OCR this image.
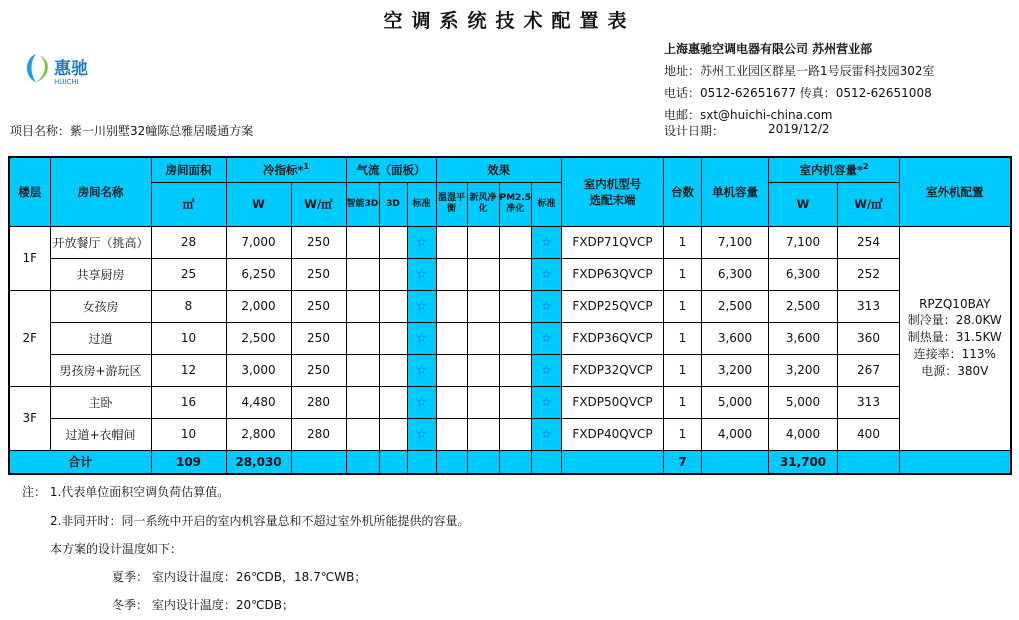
空调系统技术配置表
惠驰
HUICHI
上海惠驰空调电器有限公司 苏州营业部
地址：苏州工业园区群星一路1号辰雷科技园302室
电话：0512-62651677 传真：0512-62651008
电邮：sxt@huichi-china.com
设计日期：	2019/12/2
项目名称：紫一川别墅32幢陈总雅居暖通方案
楼层	房间名称	房间面积	冷指标*$^1$		气流（面板）			效果				室内机型号
选配末端	台数	单机容量	室内机容量*$^2$		室外机配置
		㎡	W	W/㎡	智能3D	3D	标准	温湿平衡	新风净化	PM2.5净化	标准				W	W/㎡	
1F	开放餐厅（挑高）	28	7,000	250			☆				☆	FXDP71QVCP	1	7,100	7,100	254	RPZQ10BAY
制冷量：28.0KW
制热量：31.5KW
连接率：113%
电源：380V

	共享厨房	25	6,250	250			☆				☆	FXDP63QVCP	1	6,300	6,300	252	
2F	女孩房	8	2,000	250			☆				☆	FXDP25QVCP	1	2,500	2,500	313	
	过道	10	2,500	250			☆				☆	FXDP36QVCP	1	3,600	3,600	360	
	男孩房+游玩区	12	3,000	250			☆				☆	FXDP32QVCP	1	3,200	3,200	267	
3F	主卧	16	4,480	280			☆				☆	FXDP50QVCP	1	5,000	5,000	313	
	过道+衣帽间	10	2,800	280			☆				☆	FXDP40QVCP	1	4,000	4,000	400	
合计		109	28,030										7		31,700		
注： 1.代表单位面积空调负荷估算值。
2.非同开时：同一系统中开启的室内机容量总和不超过室外机所能提供的容量。
本方案的设计温度如下：
夏季： 室内设计温度：26℃DB，18.7℃WB；
冬季： 室内设计温度：20℃DB；
